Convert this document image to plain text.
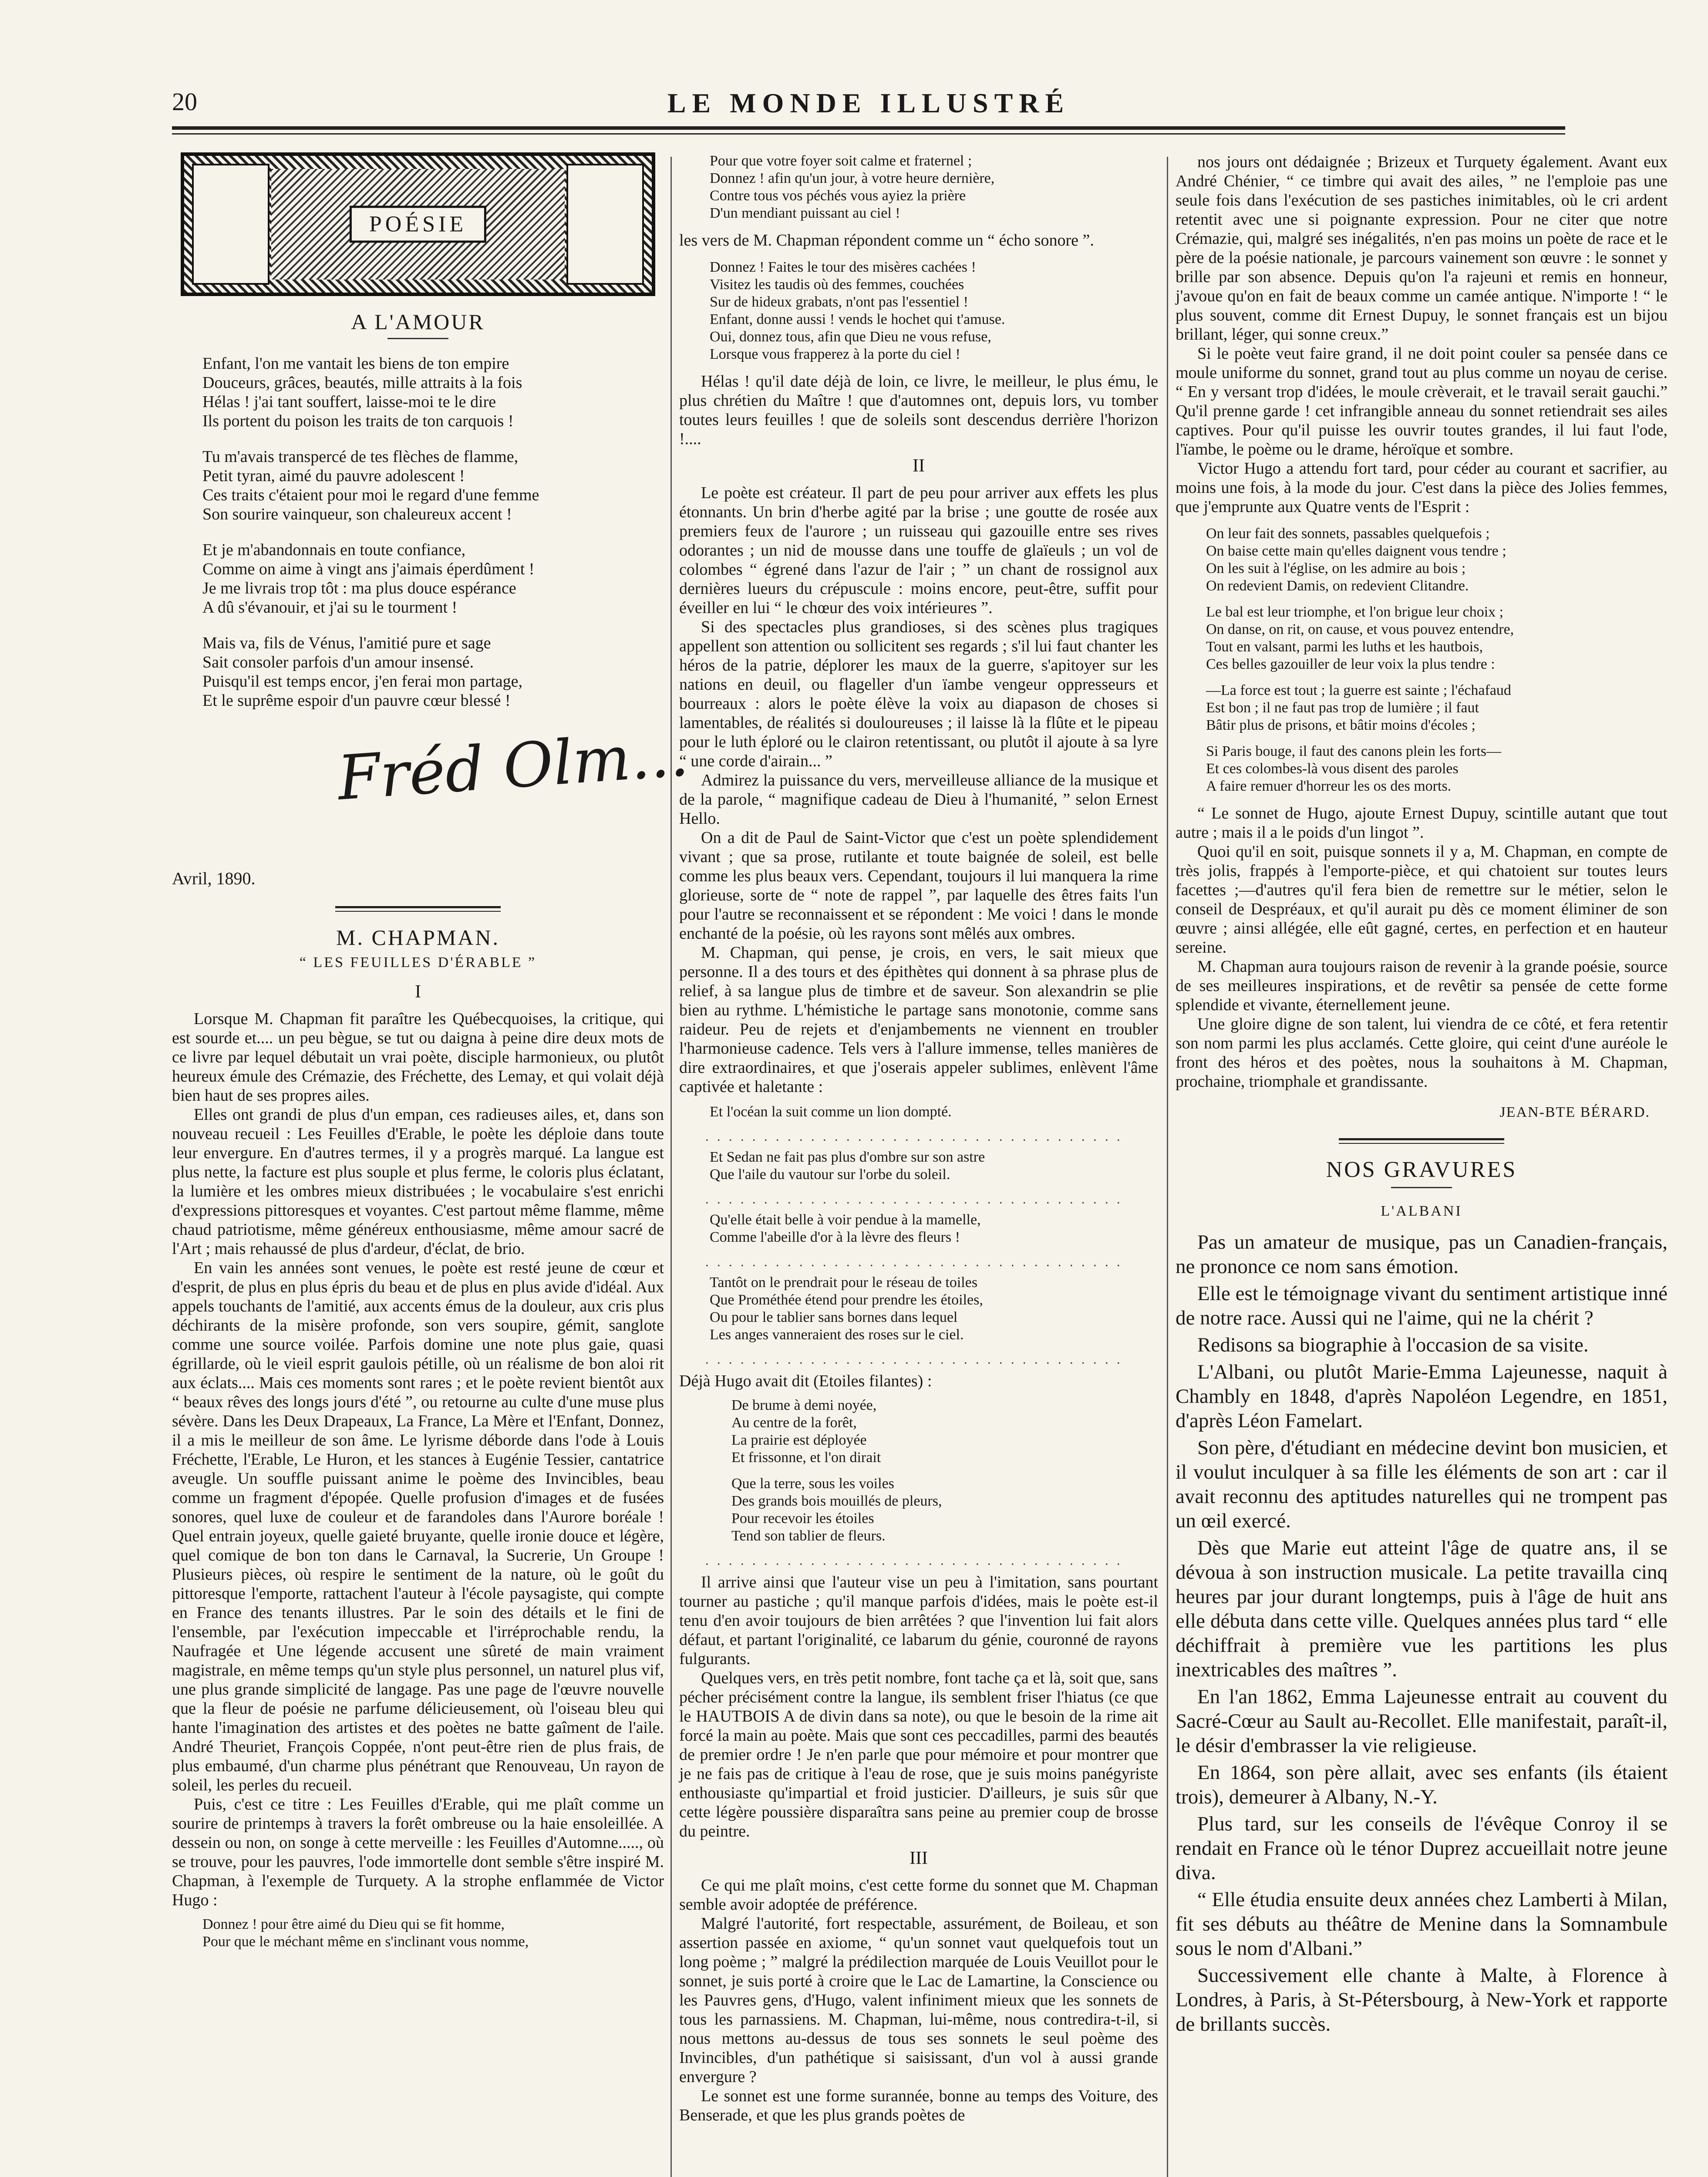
20	LE MONDE ILLUSTRÉ
POÉSIE
A L'AMOUR
Enfant, l'on me vantait les biens de ton empire
Douceurs, grâces, beautés, mille attraits à la fois
Hélas ! j'ai tant souffert, laisse-moi te le dire
Ils portent du poison les traits de ton carquois !
Tu m'avais transpercé de tes flèches de flamme,
Petit tyran, aimé du pauvre adolescent !
Ces traits c'étaient pour moi le regard d'une femme
Son sourire vainqueur, son chaleureux accent !
Et je m'abandonnais en toute confiance,
Comme on aime à vingt ans j'aimais éperdûment !
Je me livrais trop tôt : ma plus douce espérance
A dû s'évanouir, et j'ai su le tourment !
Mais va, fils de Vénus, l'amitié pure et sage
Sait consoler parfois d'un amour insensé.
Puisqu'il est temps encor, j'en ferai mon partage,
Et le suprême espoir d'un pauvre cœur blessé !
Fréd Olm...
Avril, 1890.
M. CHAPMAN.
“ LES FEUILLES D'ÉRABLE ”
I

Lorsque M. Chapman fit paraître les Québecquoises, la critique, qui est sourde et.... un peu bègue, se tut ou daigna à peine dire deux mots de ce livre par lequel débutait un vrai poète, disciple harmonieux, ou plutôt heureux émule des Crémazie, des Fréchette, des Lemay, et qui volait déjà bien haut de ses propres ailes.

Elles ont grandi de plus d'un empan, ces radieuses ailes, et, dans son nouveau recueil : Les Feuilles d'Erable, le poète les déploie dans toute leur envergure. En d'autres termes, il y a progrès marqué. La langue est plus nette, la facture est plus souple et plus ferme, le coloris plus éclatant, la lumière et les ombres mieux distribuées ; le vocabulaire s'est enrichi d'expressions pittoresques et voyantes. C'est partout même flamme, même chaud patriotisme, même généreux enthousiasme, même amour sacré de l'Art ; mais rehaussé de plus d'ardeur, d'éclat, de brio.

En vain les années sont venues, le poète est resté jeune de cœur et d'esprit, de plus en plus épris du beau et de plus en plus avide d'idéal. Aux appels touchants de l'amitié, aux accents émus de la douleur, aux cris plus déchirants de la misère profonde, son vers soupire, gémit, sanglote comme une source voilée. Parfois domine une note plus gaie, quasi égrillarde, où le vieil esprit gaulois pétille, où un réalisme de bon aloi rit aux éclats.... Mais ces moments sont rares ; et le poète revient bientôt aux “ beaux rêves des longs jours d'été ”, ou retourne au culte d'une muse plus sévère. Dans les Deux Drapeaux, La France, La Mère et l'Enfant, Donnez, il a mis le meilleur de son âme. Le lyrisme déborde dans l'ode à Louis Fréchette, l'Erable, Le Huron, et les stances à Eugénie Tessier, cantatrice aveugle. Un souffle puissant anime le poème des Invincibles, beau comme un fragment d'épopée. Quelle profusion d'images et de fusées sonores, quel luxe de couleur et de farandoles dans l'Aurore boréale ! Quel entrain joyeux, quelle gaieté bruyante, quelle ironie douce et légère, quel comique de bon ton dans le Carnaval, la Sucrerie, Un Groupe ! Plusieurs pièces, où respire le sentiment de la nature, où le goût du pittoresque l'emporte, rattachent l'auteur à l'école paysagiste, qui compte en France des tenants illustres. Par le soin des détails et le fini de l'ensemble, par l'exécution impeccable et l'irréprochable rendu, la Naufragée et Une légende accusent une sûreté de main vraiment magistrale, en même temps qu'un style plus personnel, un naturel plus vif, une plus grande simplicité de langage. Pas une page de l'œuvre nouvelle que la fleur de poésie ne parfume délicieusement, où l'oiseau bleu qui hante l'imagination des artistes et des poètes ne batte gaîment de l'aile. André Theuriet, François Coppée, n'ont peut-être rien de plus frais, de plus embaumé, d'un charme plus pénétrant que Renouveau, Un rayon de soleil, les perles du recueil.

Puis, c'est ce titre : Les Feuilles d'Erable, qui me plaît comme un sourire de printemps à travers la forêt ombreuse ou la haie ensoleillée. A dessein ou non, on songe à cette merveille : les Feuilles d'Automne....., où se trouve, pour les pauvres, l'ode immortelle dont semble s'être inspiré M. Chapman, à l'exemple de Turquety. A la strophe enflammée de Victor Hugo :

Donnez ! pour être aimé du Dieu qui se fit homme,
Pour que le méchant même en s'inclinant vous nomme,
Pour que votre foyer soit calme et fraternel ;
Donnez ! afin qu'un jour, à votre heure dernière,
Contre tous vos péchés vous ayiez la prière
D'un mendiant puissant au ciel !

les vers de M. Chapman répondent comme un “ écho sonore ”.

Donnez ! Faites le tour des misères cachées !
Visitez les taudis où des femmes, couchées
Sur de hideux grabats, n'ont pas l'essentiel !
Enfant, donne aussi ! vends le hochet qui t'amuse.
Oui, donnez tous, afin que Dieu ne vous refuse,
Lorsque vous frapperez à la porte du ciel !

Hélas ! qu'il date déjà de loin, ce livre, le meilleur, le plus ému, le plus chrétien du Maître ! que d'automnes ont, depuis lors, vu tomber toutes leurs feuilles ! que de soleils sont descendus derrière l'horizon !....

II

Le poète est créateur. Il part de peu pour arriver aux effets les plus étonnants. Un brin d'herbe agité par la brise ; une goutte de rosée aux premiers feux de l'aurore ; un ruisseau qui gazouille entre ses rives odorantes ; un nid de mousse dans une touffe de glaïeuls ; un vol de colombes “ égrené dans l'azur de l'air ; ” un chant de rossignol aux dernières lueurs du crépuscule : moins encore, peut-être, suffit pour éveiller en lui “ le chœur des voix intérieures ”.

Si des spectacles plus grandioses, si des scènes plus tragiques appellent son attention ou sollicitent ses regards ; s'il lui faut chanter les héros de la patrie, déplorer les maux de la guerre, s'apitoyer sur les nations en deuil, ou flageller d'un ïambe vengeur oppresseurs et bourreaux : alors le poète élève la voix au diapason de choses si lamentables, de réalités si douloureuses ; il laisse là la flûte et le pipeau pour le luth éploré ou le clairon retentissant, ou plutôt il ajoute à sa lyre “ une corde d'airain... ”

Admirez la puissance du vers, merveilleuse alliance de la musique et de la parole, “ magnifique cadeau de Dieu à l'humanité, ” selon Ernest Hello.

On a dit de Paul de Saint-Victor que c'est un poète splendidement vivant ; que sa prose, rutilante et toute baignée de soleil, est belle comme les plus beaux vers. Cependant, toujours il lui manquera la rime glorieuse, sorte de “ note de rappel ”, par laquelle des êtres faits l'un pour l'autre se reconnaissent et se répondent : Me voici ! dans le monde enchanté de la poésie, où les rayons sont mêlés aux ombres.

M. Chapman, qui pense, je crois, en vers, le sait mieux que personne. Il a des tours et des épithètes qui donnent à sa phrase plus de relief, à sa langue plus de timbre et de saveur. Son alexandrin se plie bien au rythme. L'hémistiche le partage sans monotonie, comme sans raideur. Peu de rejets et d'enjambements ne viennent en troubler l'harmonieuse cadence. Tels vers à l'allure immense, telles manières de dire extraordinaires, et que j'oserais appeler sublimes, enlèvent l'âme captivée et haletante :

Et l'océan la suit comme un lion dompté.
. . . . . . . . . . . . . . . . . . . . . . . . . . . . . . . . . . . .
Et Sedan ne fait pas plus d'ombre sur son astre
Que l'aile du vautour sur l'orbe du soleil.
. . . . . . . . . . . . . . . . . . . . . . . . . . . . . . . . . . . .
Qu'elle était belle à voir pendue à la mamelle,
Comme l'abeille d'or à la lèvre des fleurs !
. . . . . . . . . . . . . . . . . . . . . . . . . . . . . . . . . . . .
Tantôt on le prendrait pour le réseau de toiles
Que Prométhée étend pour prendre les étoiles,
Ou pour le tablier sans bornes dans lequel
Les anges vanneraient des roses sur le ciel.
. . . . . . . . . . . . . . . . . . . . . . . . . . . . . . . . . . . .

Déjà Hugo avait dit (Etoiles filantes) :

De brume à demi noyée,
Au centre de la forêt,
La prairie est déployée
Et frissonne, et l'on dirait
Que la terre, sous les voiles
Des grands bois mouillés de pleurs,
Pour recevoir les étoiles
Tend son tablier de fleurs.
. . . . . . . . . . . . . . . . . . . . . . . . . . . . . . . . . . . .

Il arrive ainsi que l'auteur vise un peu à l'imitation, sans pourtant tourner au pastiche ; qu'il manque parfois d'idées, mais le poète est-il tenu d'en avoir toujours de bien arrêtées ? que l'invention lui fait alors défaut, et partant l'originalité, ce labarum du génie, couronné de rayons fulgurants.

Quelques vers, en très petit nombre, font tache ça et là, soit que, sans pécher précisément contre la langue, ils semblent friser l'hiatus (ce que le HAUTBOIS A de divin dans sa note), ou que le besoin de la rime ait forcé la main au poète. Mais que sont ces peccadilles, parmi des beautés de premier ordre ! Je n'en parle que pour mémoire et pour montrer que je ne fais pas de critique à l'eau de rose, que je suis moins panégyriste enthousiaste qu'impartial et froid justicier. D'ailleurs, je suis sûr que cette légère poussière disparaîtra sans peine au premier coup de brosse du peintre.

III

Ce qui me plaît moins, c'est cette forme du sonnet que M. Chapman semble avoir adoptée de préférence.

Malgré l'autorité, fort respectable, assurément, de Boileau, et son assertion passée en axiome, “ qu'un sonnet vaut quelquefois tout un long poème ; ” malgré la prédilection marquée de Louis Veuillot pour le sonnet, je suis porté à croire que le Lac de Lamartine, la Conscience ou les Pauvres gens, d'Hugo, valent infiniment mieux que les sonnets de tous les parnassiens. M. Chapman, lui-même, nous contredira-t-il, si nous mettons au-dessus de tous ses sonnets le seul poème des Invincibles, d'un pathétique si saisissant, d'un vol à aussi grande envergure ?

Le sonnet est une forme surannée, bonne au temps des Voiture, des Benserade, et que les plus grands poètes de

nos jours ont dédaignée ; Brizeux et Turquety également. Avant eux André Chénier, “ ce timbre qui avait des ailes, ” ne l'emploie pas une seule fois dans l'exécution de ses pastiches inimitables, où le cri ardent retentit avec une si poignante expression. Pour ne citer que notre Crémazie, qui, malgré ses inégalités, n'en pas moins un poète de race et le père de la poésie nationale, je parcours vainement son œuvre : le sonnet y brille par son absence. Depuis qu'on l'a rajeuni et remis en honneur, j'avoue qu'on en fait de beaux comme un camée antique. N'importe ! “ le plus souvent, comme dit Ernest Dupuy, le sonnet français est un bijou brillant, léger, qui sonne creux.”

Si le poète veut faire grand, il ne doit point couler sa pensée dans ce moule uniforme du sonnet, grand tout au plus comme un noyau de cerise. “ En y versant trop d'idées, le moule crèverait, et le travail serait gauchi.” Qu'il prenne garde ! cet infrangible anneau du sonnet retiendrait ses ailes captives. Pour qu'il puisse les ouvrir toutes grandes, il lui faut l'ode, l'ïambe, le poème ou le drame, héroïque et sombre.

Victor Hugo a attendu fort tard, pour céder au courant et sacrifier, au moins une fois, à la mode du jour. C'est dans la pièce des Jolies femmes, que j'emprunte aux Quatre vents de l'Esprit :

On leur fait des sonnets, passables quelquefois ;
On baise cette main qu'elles daignent vous tendre ;
On les suit à l'église, on les admire au bois ;
On redevient Damis, on redevient Clitandre.
Le bal est leur triomphe, et l'on brigue leur choix ;
On danse, on rit, on cause, et vous pouvez entendre,
Tout en valsant, parmi les luths et les hautbois,
Ces belles gazouiller de leur voix la plus tendre :
—La force est tout ; la guerre est sainte ; l'échafaud
Est bon ; il ne faut pas trop de lumière ; il faut
Bâtir plus de prisons, et bâtir moins d'écoles ;
Si Paris bouge, il faut des canons plein les forts—
Et ces colombes-là vous disent des paroles
A faire remuer d'horreur les os des morts.

“ Le sonnet de Hugo, ajoute Ernest Dupuy, scintille autant que tout autre ; mais il a le poids d'un lingot ”.

Quoi qu'il en soit, puisque sonnets il y a, M. Chapman, en compte de très jolis, frappés à l'emporte-pièce, et qui chatoient sur toutes leurs facettes ;—d'autres qu'il fera bien de remettre sur le métier, selon le conseil de Despréaux, et qu'il aurait pu dès ce moment éliminer de son œuvre ; ainsi allégée, elle eût gagné, certes, en perfection et en hauteur sereine.

M. Chapman aura toujours raison de revenir à la grande poésie, source de ses meilleures inspirations, et de revêtir sa pensée de cette forme splendide et vivante, éternellement jeune.

Une gloire digne de son talent, lui viendra de ce côté, et fera retentir son nom parmi les plus acclamés. Cette gloire, qui ceint d'une auréole le front des héros et des poètes, nous la souhaitons à M. Chapman, prochaine, triomphale et grandissante.

JEAN-BTE BÉRARD.
NOS GRAVURES
L'ALBANI

Pas un amateur de musique, pas un Canadien-français, ne prononce ce nom sans émotion.

Elle est le témoignage vivant du sentiment artistique inné de notre race. Aussi qui ne l'aime, qui ne la chérit ?

Redisons sa biographie à l'occasion de sa visite.

L'Albani, ou plutôt Marie-Emma Lajeunesse, naquit à Chambly en 1848, d'après Napoléon Legendre, en 1851, d'après Léon Famelart.

Son père, d'étudiant en médecine devint bon musicien, et il voulut inculquer à sa fille les éléments de son art : car il avait reconnu des aptitudes naturelles qui ne trompent pas un œil exercé.

Dès que Marie eut atteint l'âge de quatre ans, il se dévoua à son instruction musicale. La petite travailla cinq heures par jour durant longtemps, puis à l'âge de huit ans elle débuta dans cette ville. Quelques années plus tard “ elle déchiffrait à première vue les partitions les plus inextricables des maîtres ”.

En l'an 1862, Emma Lajeunesse entrait au couvent du Sacré-Cœur au Sault au-Recollet. Elle manifestait, paraît-il, le désir d'embrasser la vie religieuse.

En 1864, son père allait, avec ses enfants (ils étaient trois), demeurer à Albany, N.-Y.

Plus tard, sur les conseils de l'évêque Conroy il se rendait en France où le ténor Duprez accueillait notre jeune diva.

“ Elle étudia ensuite deux années chez Lamberti à Milan, fit ses débuts au théâtre de Menine dans la Somnambule sous le nom d'Albani.”

Successivement elle chante à Malte, à Florence à Londres, à Paris, à St-Pétersbourg, à New-York et rapporte de brillants succès.
